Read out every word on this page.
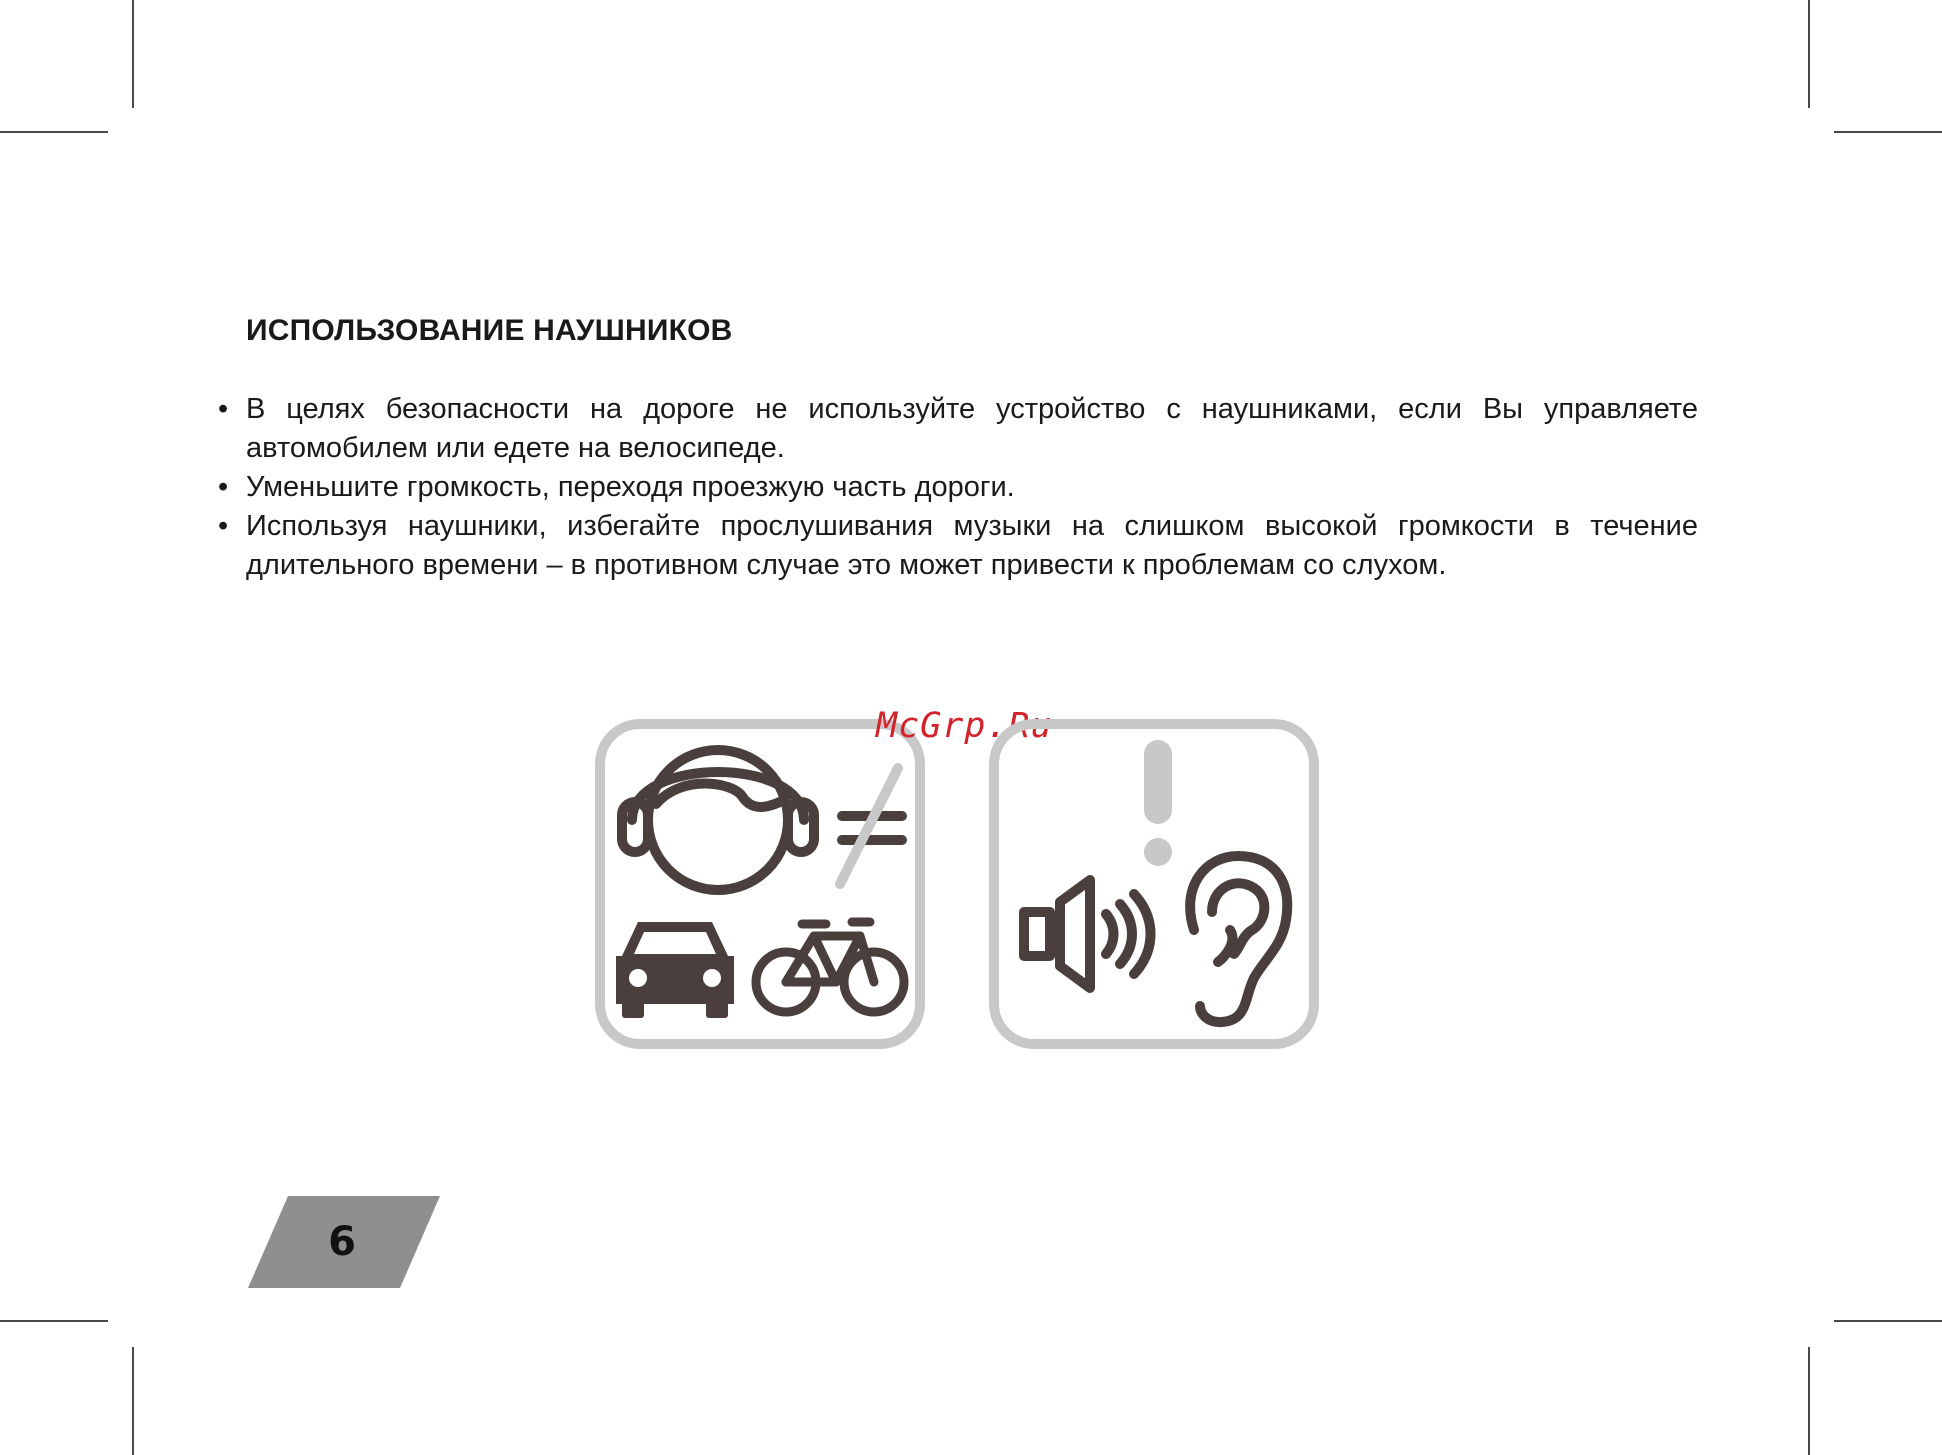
ИСПОЛЬЗОВАНИЕ НАУШНИКОВ
• В целях безопасности на дороге не используйте устройство с наушниками, если Вы управляете автомобилем или едете на велосипеде.
• Уменьшите громкость, переходя проезжую часть дороги.
• Используя наушники, избегайте прослушивания музыки на слишком высокой громкости в течение длительного времени – в противном случае это может привести к проблемам со слухом.
McGrp.Ru
6
